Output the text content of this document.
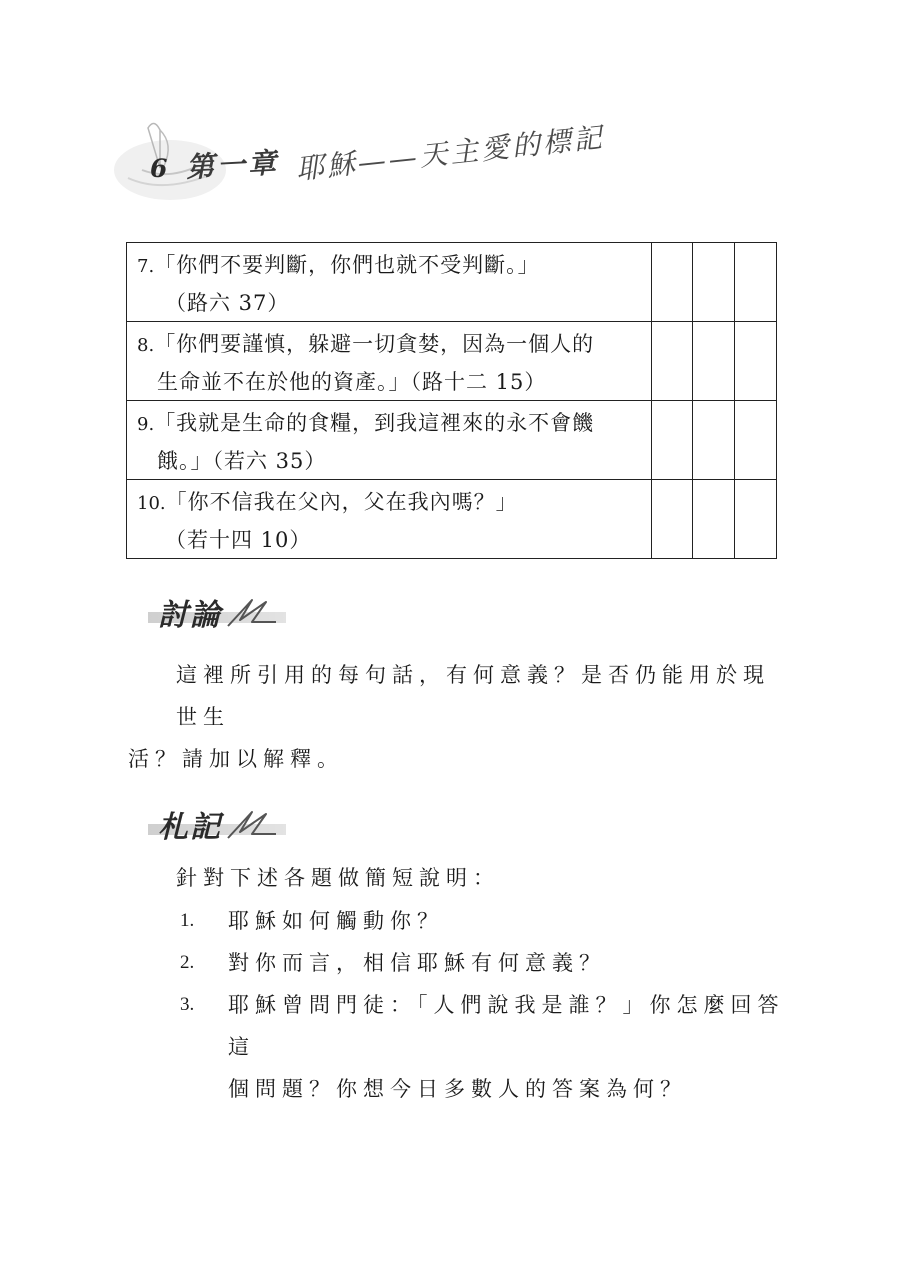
6 第一章 耶穌——天主愛的標記
7.「你們不要判斷，你們也就不受判斷。」
（路六 37）			

8.「你們要謹慎，躲避一切貪婪，因為一個人的
生命並不在於他的資產。」（路十二 15）			

9.「我就是生命的食糧，到我這裡來的永不會饑
餓。」（若六 35）			

10.「你不信我在父內，父在我內嗎？」
（若十四 10）			

討論
這裡所引用的每句話，有何意義？是否仍能用於現世生
活？請加以解釋。
札記
針對下述各題做簡短說明：
1.	耶穌如何觸動你？
2.	對你而言，相信耶穌有何意義？
3.	耶穌曾問門徒：「人們說我是誰？」你怎麼回答這
個問題？你想今日多數人的答案為何？
